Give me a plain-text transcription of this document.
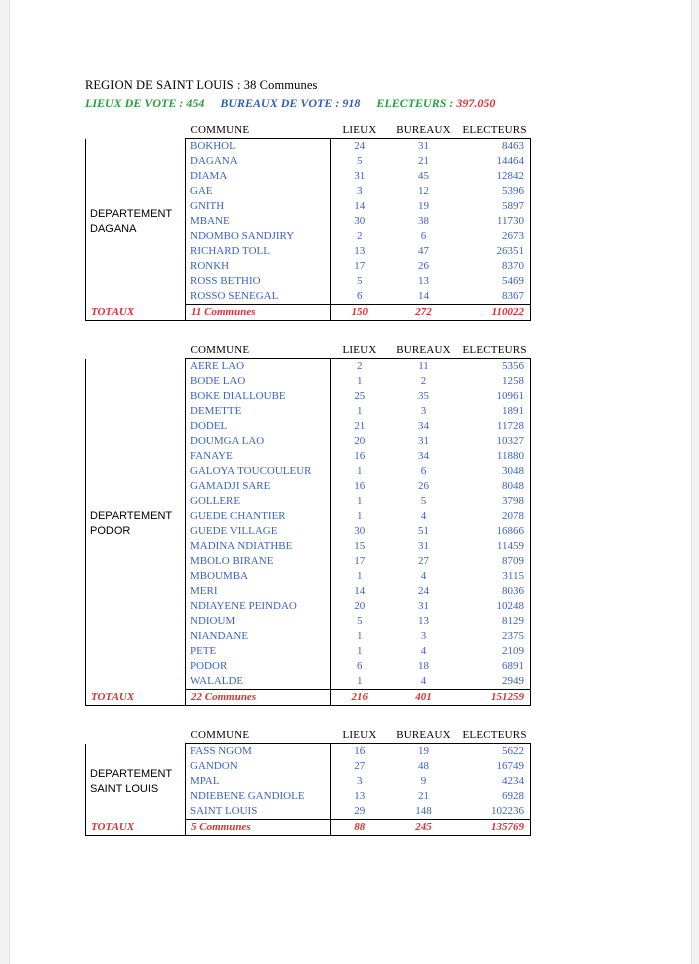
REGION DE SAINT LOUIS : 38 Communes
LIEUX DE VOTE : 454 BUREAUX DE VOTE : 918 ELECTEURS : 397.050
	COMMUNE	LIEUX	BUREAUX	ELECTEURS

DEPARTEMENT
DAGANA	BOKHOL	24	31	8463
	DAGANA	5	21	14464
	DIAMA	31	45	12842
	GAE	3	12	5396
	GNITH	14	19	5897
	MBANE	30	38	11730
	NDOMBO SANDJIRY	2	6	2673
	RICHARD TOLL	13	47	26351
	RONKH	17	26	8370
	ROSS BETHIO	5	13	5469
	ROSSO SENEGAL	6	14	8367
TOTAUX	11 Communes	150	272	110022
	COMMUNE	LIEUX	BUREAUX	ELECTEURS

DEPARTEMENT
PODOR	AERE LAO	2	11	5356
	BODE LAO	1	2	1258
	BOKE DIALLOUBE	25	35	10961
	DEMETTE	1	3	1891
	DODEL	21	34	11728
	DOUMGA LAO	20	31	10327
	FANAYE	16	34	11880
	GALOYA TOUCOULEUR	1	6	3048
	GAMADJI SARE	16	26	8048
	GOLLERE	1	5	3798
	GUEDE CHANTIER	1	4	2078
	GUEDE VILLAGE	30	51	16866
	MADINA NDIATHBE	15	31	11459
	MBOLO BIRANE	17	27	8709
	MBOUMBA	1	4	3115
	MERI	14	24	8036
	NDIAYENE PEINDAO	20	31	10248
	NDIOUM	5	13	8129
	NIANDANE	1	3	2375
	PETE	1	4	2109
	PODOR	6	18	6891
	WALALDE	1	4	2949
TOTAUX	22 Communes	216	401	151259
	COMMUNE	LIEUX	BUREAUX	ELECTEURS

DEPARTEMENT
SAINT LOUIS	FASS NGOM	16	19	5622
	GANDON	27	48	16749
	MPAL	3	9	4234
	NDIEBENE GANDIOLE	13	21	6928
	SAINT LOUIS	29	148	102236
TOTAUX	5 Communes	88	245	135769
